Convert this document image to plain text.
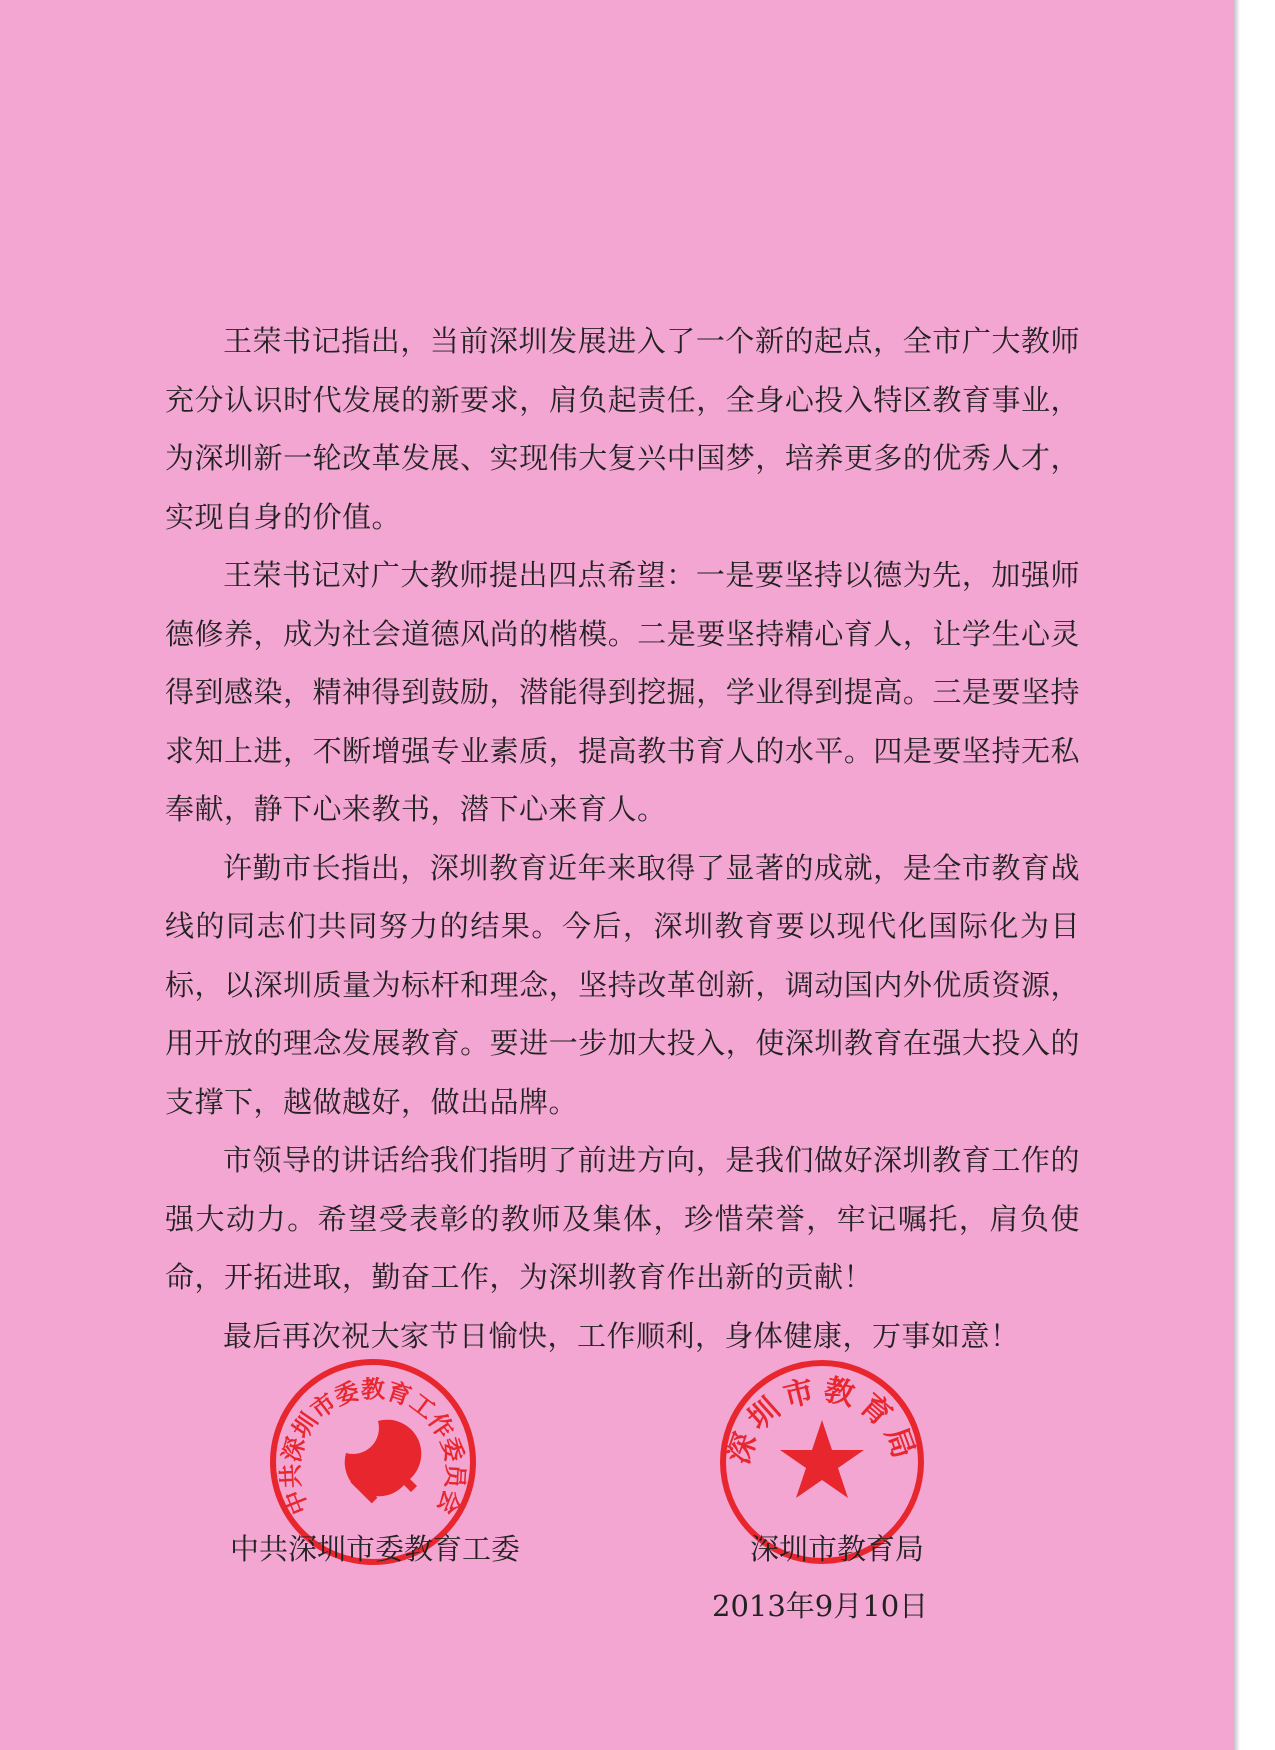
王荣书记指出，当前深圳发展进入了一个新的起点，全市广大教师充分认识时代发展的新要求，肩负起责任，全身心投入特区教育事业，为深圳新一轮改革发展、实现伟大复兴中国梦，培养更多的优秀人才，实现自身的价值。

王荣书记对广大教师提出四点希望：一是要坚持以德为先，加强师德修养，成为社会道德风尚的楷模。二是要坚持精心育人，让学生心灵得到感染，精神得到鼓励，潜能得到挖掘，学业得到提高。三是要坚持求知上进，不断增强专业素质，提高教书育人的水平。四是要坚持无私奉献，静下心来教书，潜下心来育人。

许勤市长指出，深圳教育近年来取得了显著的成就，是全市教育战线的同志们共同努力的结果。今后，深圳教育要以现代化国际化为目标，以深圳质量为标杆和理念，坚持改革创新，调动国内外优质资源，用开放的理念发展教育。要进一步加大投入，使深圳教育在强大投入的支撑下，越做越好，做出品牌。

市领导的讲话给我们指明了前进方向，是我们做好深圳教育工作的强大动力。希望受表彰的教师及集体，珍惜荣誉，牢记嘱托，肩负使命，开拓进取，勤奋工作，为深圳教育作出新的贡献！

最后再次祝大家节日愉快，工作顺利，身体健康，万事如意！

中共深圳市委教育工作委员会
深圳市教育局
中共深圳市委教育工委	深圳市教育局
2013年9月10日
